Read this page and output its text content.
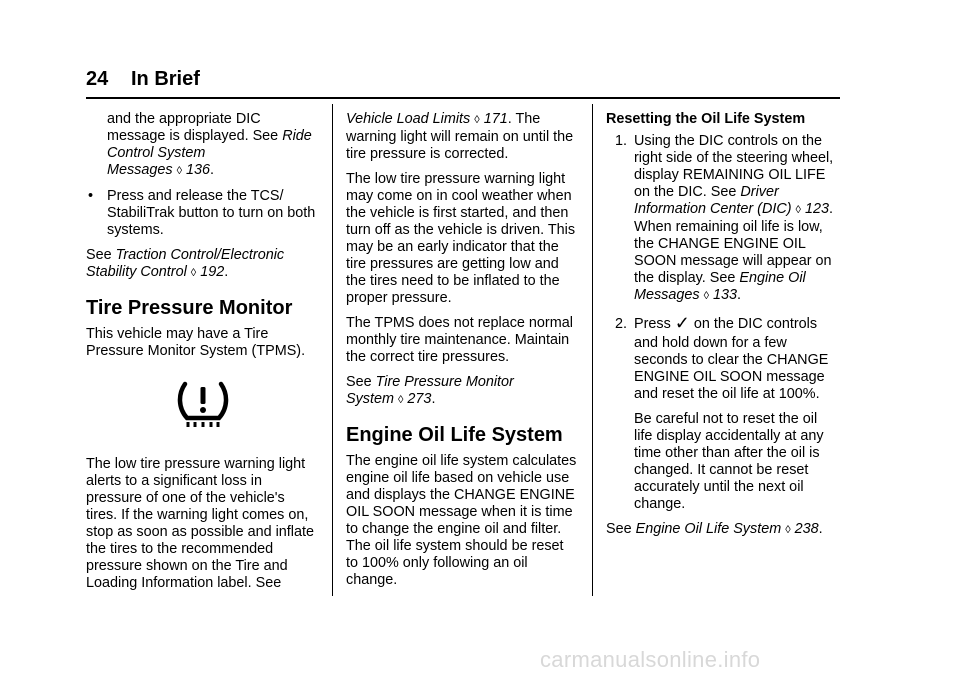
24 In Brief

and the appropriate DIC

message is displayed. See Ride

Control System

Messages ◊ 136.

• Press and release the TCS/

StabiliTrak button to turn on both

systems.

See Traction Control/Electronic

Stability Control ◊ 192.

Tire Pressure Monitor

This vehicle may have a Tire

Pressure Monitor System (TPMS).

The low tire pressure warning light

alerts to a significant loss in

pressure of one of the vehicle's

tires. If the warning light comes on,

stop as soon as possible and inflate

the tires to the recommended

pressure shown on the Tire and

Loading Information label. See

Vehicle Load Limits ◊ 171. The

warning light will remain on until the

tire pressure is corrected.

The low tire pressure warning light

may come on in cool weather when

the vehicle is first started, and then

turn off as the vehicle is driven. This

may be an early indicator that the

tire pressures are getting low and

the tires need to be inflated to the

proper pressure.

The TPMS does not replace normal

monthly tire maintenance. Maintain

the correct tire pressures.

See Tire Pressure Monitor

System ◊ 273.

Engine Oil Life System

The engine oil life system calculates

engine oil life based on vehicle use

and displays the CHANGE ENGINE

OIL SOON message when it is time

to change the engine oil and filter.

The oil life system should be reset

to 100% only following an oil

change.

Resetting the Oil Life System

1. Using the DIC controls on the

right side of the steering wheel,

display REMAINING OIL LIFE

on the DIC. See Driver

Information Center (DIC) ◊ 123.

When remaining oil life is low,

the CHANGE ENGINE OIL

SOON message will appear on

the display. See Engine Oil

Messages ◊ 133.

2. Press ✓ on the DIC controls

and hold down for a few

seconds to clear the CHANGE

ENGINE OIL SOON message

and reset the oil life at 100%.

Be careful not to reset the oil

life display accidentally at any

time other than after the oil is

changed. It cannot be reset

accurately until the next oil

change.

See Engine Oil Life System ◊ 238.

carmanualsonline.info
